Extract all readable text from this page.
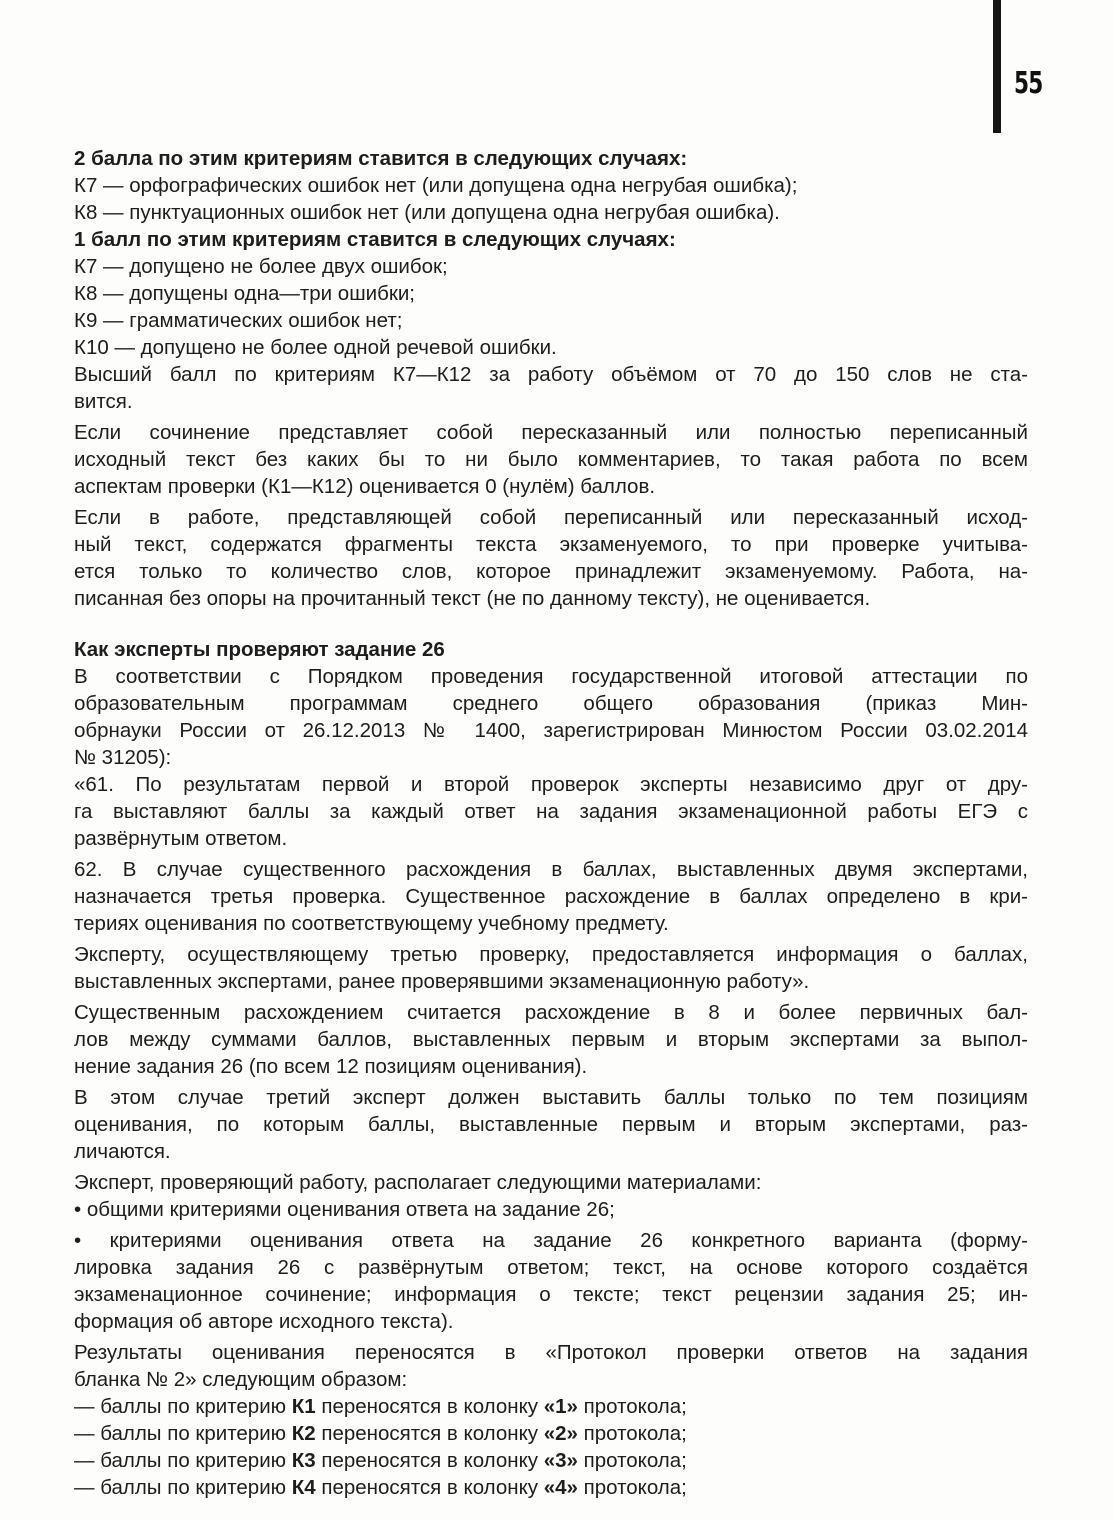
55
2 балла по этим критериям ставится в следующих случаях:
К7 — орфографических ошибок нет (или допущена одна негрубая ошибка);
К8 — пунктуационных ошибок нет (или допущена одна негрубая ошибка).
1 балл по этим критериям ставится в следующих случаях:
К7 — допущено не более двух ошибок;
К8 — допущены одна—три ошибки;
К9 — грамматических ошибок нет;
К10 — допущено не более одной речевой ошибки.
Высший балл по критериям К7—К12 за работу объёмом от 70 до 150 слов не ста-
вится.
Если сочинение представляет собой пересказанный или полностью переписанный
исходный текст без каких бы то ни было комментариев, то такая работа по всем
аспектам проверки (К1—К12) оценивается 0 (нулём) баллов.
Если в работе, представляющей собой переписанный или пересказанный исход-
ный текст, содержатся фрагменты текста экзаменуемого, то при проверке учитыва-
ется только то количество слов, которое принадлежит экзаменуемому. Работа, на-
писанная без опоры на прочитанный текст (не по данному тексту), не оценивается.
Как эксперты проверяют задание 26
В соответствии с Порядком проведения государственной итоговой аттестации по
образовательным программам среднего общего образования (приказ Мин-
обрнауки России от 26.12.2013 № 1400, зарегистрирован Минюстом России 03.02.2014
№ 31205):
«61. По результатам первой и второй проверок эксперты независимо друг от дру-
га выставляют баллы за каждый ответ на задания экзаменационной работы ЕГЭ с
развёрнутым ответом.
62. В случае существенного расхождения в баллах, выставленных двумя экспертами,
назначается третья проверка. Существенное расхождение в баллах определено в кри-
териях оценивания по соответствующему учебному предмету.
Эксперту, осуществляющему третью проверку, предоставляется информация о баллах,
выставленных экспертами, ранее проверявшими экзаменационную работу».
Существенным расхождением считается расхождение в 8 и более первичных бал-
лов между суммами баллов, выставленных первым и вторым экспертами за выпол-
нение задания 26 (по всем 12 позициям оценивания).
В этом случае третий эксперт должен выставить баллы только по тем позициям
оценивания, по которым баллы, выставленные первым и вторым экспертами, раз-
личаются.
Эксперт, проверяющий работу, располагает следующими материалами:
• общими критериями оценивания ответа на задание 26;
• критериями оценивания ответа на задание 26 конкретного варианта (форму-
лировка задания 26 с развёрнутым ответом; текст, на основе которого создаётся
экзаменационное сочинение; информация о тексте; текст рецензии задания 25; ин-
формация об авторе исходного текста).
Результаты оценивания переносятся в «Протокол проверки ответов на задания
бланка № 2» следующим образом:
— баллы по критерию К1 переносятся в колонку «1» протокола;
— баллы по критерию К2 переносятся в колонку «2» протокола;
— баллы по критерию К3 переносятся в колонку «3» протокола;
— баллы по критерию К4 переносятся в колонку «4» протокола;
